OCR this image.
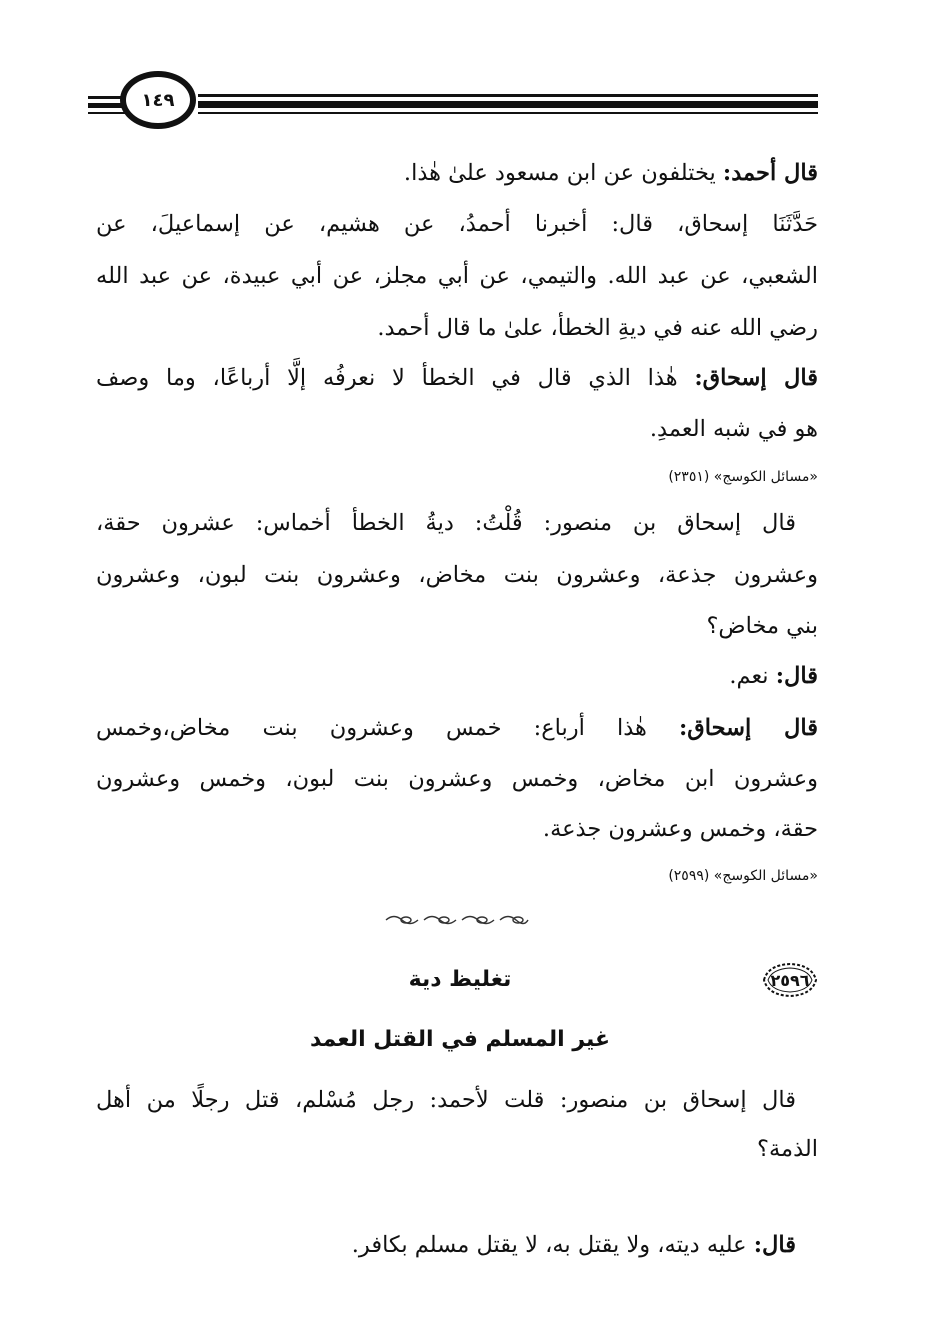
١٤٩
قال أحمد: يختلفون عن ابن مسعود علىٰ هٰذا.
حَدَّثَنَا إسحاق، قال: أخبرنا أحمدُ، عن هشيم، عن إسماعيلَ، عن
الشعبي، عن عبد الله. والتيمي، عن أبي مجلز، عن أبي عبيدة، عن عبد الله
رضي الله عنه في ديةِ الخطأ، علىٰ ما قال أحمد.
قال إسحاق: هٰذا الذي قال في الخطأ لا نعرفُه إلَّا أرباعًا، وما وصف
هو في شبه العمدِ.
«مسائل الكوسج» (٢٣٥١)
قال إسحاق بن منصور: قُلْتُ: ديةُ الخطأ أخماس: عشرون حقة،
وعشرون جذعة، وعشرون بنت مخاض، وعشرون بنت لبون، وعشرون
بني مخاض؟
قال: نعم.
قال إسحاق: هٰذا أرباع: خمس وعشرون بنت مخاض،وخمس
وعشرون ابن مخاض، وخمس وعشرون بنت لبون، وخمس وعشرون
حقة، وخمس وعشرون جذعة.
«مسائل الكوسج» (٢٥٩٩)
٢٥٩٦
تغليظ دية
غير المسلم في القتل العمد
قال إسحاق بن منصور: قلت لأحمد: رجل مُسْلم، قتل رجلًا من أهل
الذمة؟
قال: عليه ديته، ولا يقتل به، لا يقتل مسلم بكافر.
